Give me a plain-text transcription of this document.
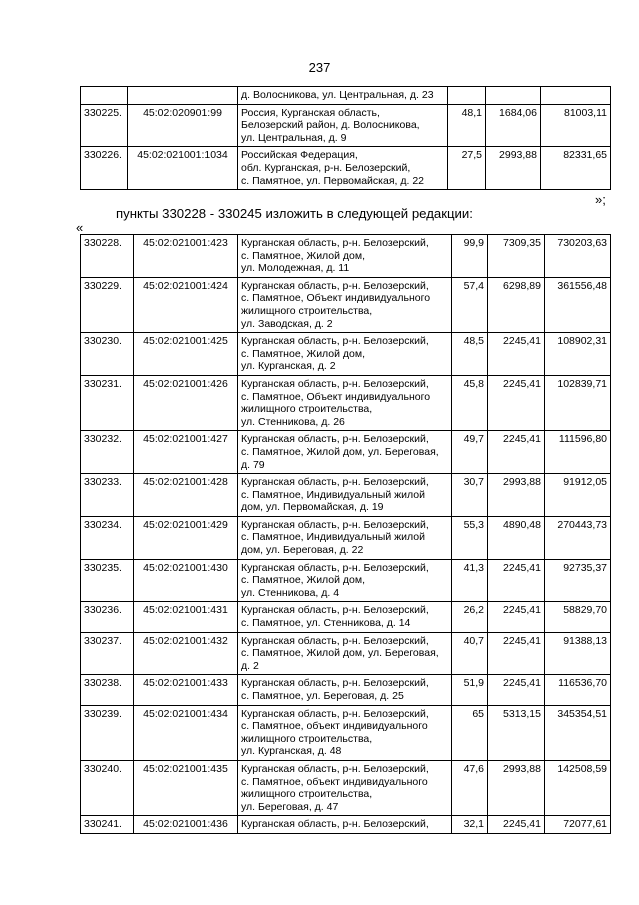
237
		д. Волосникова, ул. Центральная, д. 23			
330225.	45:02:020901:99	Россия, Курганская область,
Белозерский район, д. Волосникова,
ул. Центральная, д. 9	48,1	1684,06	81003,11
330226.	45:02:021001:1034	Российская Федерация,
обл. Курганская, р-н. Белозерский,
с. Памятное, ул. Первомайская, д. 22	27,5	2993,88	82331,65
»;
пункты 330228 - 330245 изложить в следующей редакции:
«
330228.	45:02:021001:423	Курганская область, р-н. Белозерский,
с. Памятное, Жилой дом,
ул. Молодежная, д. 11	99,9	7309,35	730203,63
330229.	45:02:021001:424	Курганская область, р-н. Белозерский,
с. Памятное, Объект индивидуального
жилищного строительства,
ул. Заводская, д. 2	57,4	6298,89	361556,48
330230.	45:02:021001:425	Курганская область, р-н. Белозерский,
с. Памятное, Жилой дом,
ул. Курганская, д. 2	48,5	2245,41	108902,31
330231.	45:02:021001:426	Курганская область, р-н. Белозерский,
с. Памятное, Объект индивидуального
жилищного строительства,
ул. Стенникова, д. 26	45,8	2245,41	102839,71
330232.	45:02:021001:427	Курганская область, р-н. Белозерский,
с. Памятное, Жилой дом, ул. Береговая,
д. 79	49,7	2245,41	111596,80
330233.	45:02:021001:428	Курганская область, р-н. Белозерский,
с. Памятное, Индивидуальный жилой
дом, ул. Первомайская, д. 19	30,7	2993,88	91912,05
330234.	45:02:021001:429	Курганская область, р-н. Белозерский,
с. Памятное, Индивидуальный жилой
дом, ул. Береговая, д. 22	55,3	4890,48	270443,73
330235.	45:02:021001:430	Курганская область, р-н. Белозерский,
с. Памятное, Жилой дом,
ул. Стенникова, д. 4	41,3	2245,41	92735,37
330236.	45:02:021001:431	Курганская область, р-н. Белозерский,
с. Памятное, ул. Стенникова, д. 14	26,2	2245,41	58829,70
330237.	45:02:021001:432	Курганская область, р-н. Белозерский,
с. Памятное, Жилой дом, ул. Береговая,
д. 2	40,7	2245,41	91388,13
330238.	45:02:021001:433	Курганская область, р-н. Белозерский,
с. Памятное, ул. Береговая, д. 25	51,9	2245,41	116536,70
330239.	45:02:021001:434	Курганская область, р-н. Белозерский,
с. Памятное, объект индивидуального
жилищного строительства,
ул. Курганская, д. 48	65	5313,15	345354,51
330240.	45:02:021001:435	Курганская область, р-н. Белозерский,
с. Памятное, объект индивидуального
жилищного строительства,
ул. Береговая, д. 47	47,6	2993,88	142508,59
330241.	45:02:021001:436	Курганская область, р-н. Белозерский,	32,1	2245,41	72077,61
